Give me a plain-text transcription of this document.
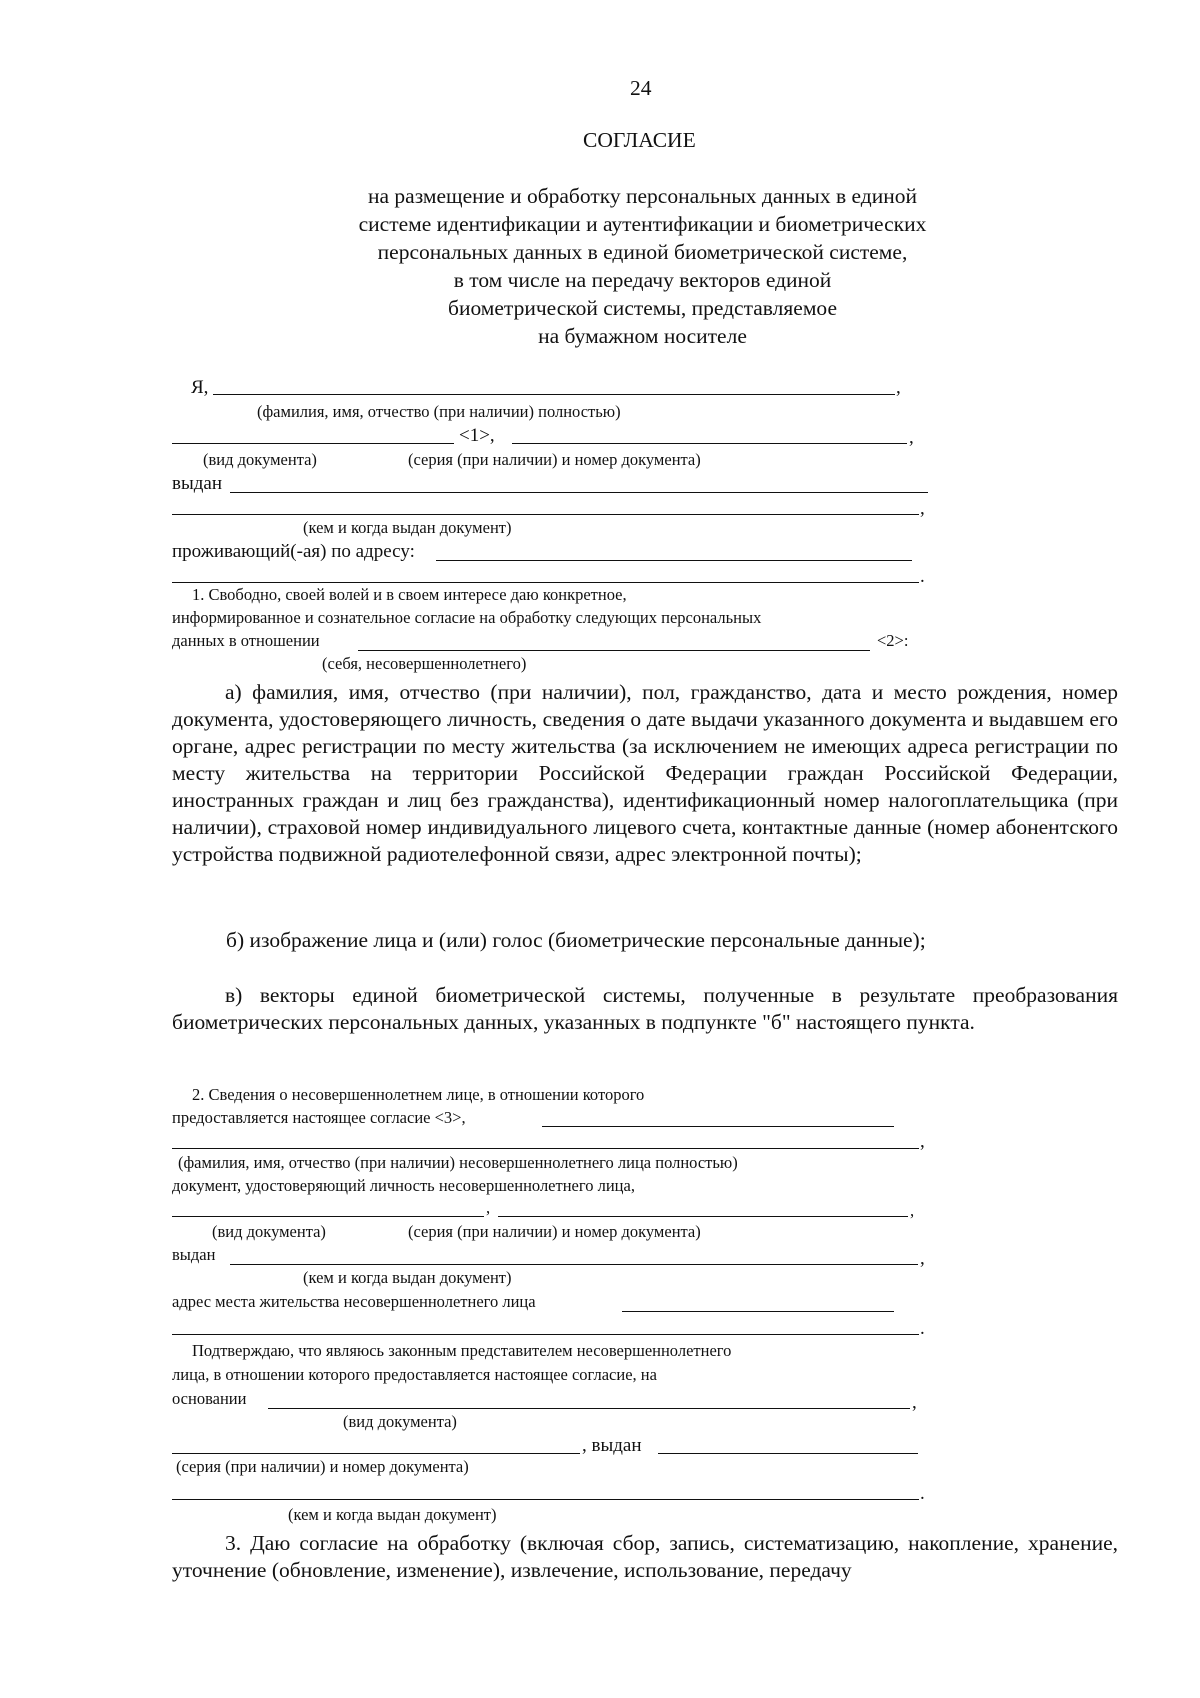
24
СОГЛАСИЕ
на размещение и обработку персональных данных в единой
системе идентификации и аутентификации и биометрических
персональных данных в единой биометрической системе,
в том числе на передачу векторов единой
биометрической системы, представляемое
на бумажном носителе
Я,	,
(фамилия, имя, отчество (при наличии) полностью)
<1>,	,
(вид документа)	(серия (при наличии) и номер документа)
выдан
,
(кем и когда выдан документ)
проживающий(-ая) по адресу:
.
1. Свободно, своей волей и в своем интересе даю конкретное,
информированное и сознательное согласие на обработку следующих персональных
данных в отношении	<2>:
(себя, несовершеннолетнего)
а) фамилия, имя, отчество (при наличии), пол, гражданство, дата и место рождения, номер документа, удостоверяющего личность, сведения о дате выдачи указанного документа и выдавшем его органе, адрес регистрации по месту жительства (за исключением не имеющих адреса регистрации по месту жительства на территории Российской Федерации граждан Российской Федерации, иностранных граждан и лиц без гражданства), идентификационный номер налогоплательщика (при наличии), страховой номер индивидуального лицевого счета, контактные данные (номер абонентского устройства подвижной радиотелефонной связи, адрес электронной почты);
б) изображение лица и (или) голос (биометрические персональные данные);
в) векторы единой биометрической системы, полученные в результате преобразования биометрических персональных данных, указанных в подпункте "б" настоящего пункта.
2. Сведения о несовершеннолетнем лице, в отношении которого
предоставляется настоящее согласие <3>,
,
(фамилия, имя, отчество (при наличии) несовершеннолетнего лица полностью)
документ, удостоверяющий личность несовершеннолетнего лица,
,	,
(вид документа)	(серия (при наличии) и номер документа)
выдан	,
(кем и когда выдан документ)
адрес места жительства несовершеннолетнего лица
.
Подтверждаю, что являюсь законным представителем несовершеннолетнего
лица, в отношении которого предоставляется настоящее согласие, на
основании	,
(вид документа)
, выдан
(серия (при наличии) и номер документа)
.
(кем и когда выдан документ)
3. Даю согласие на обработку (включая сбор, запись, систематизацию, накопление, хранение, уточнение (обновление, изменение), извлечение, использование, передачу
